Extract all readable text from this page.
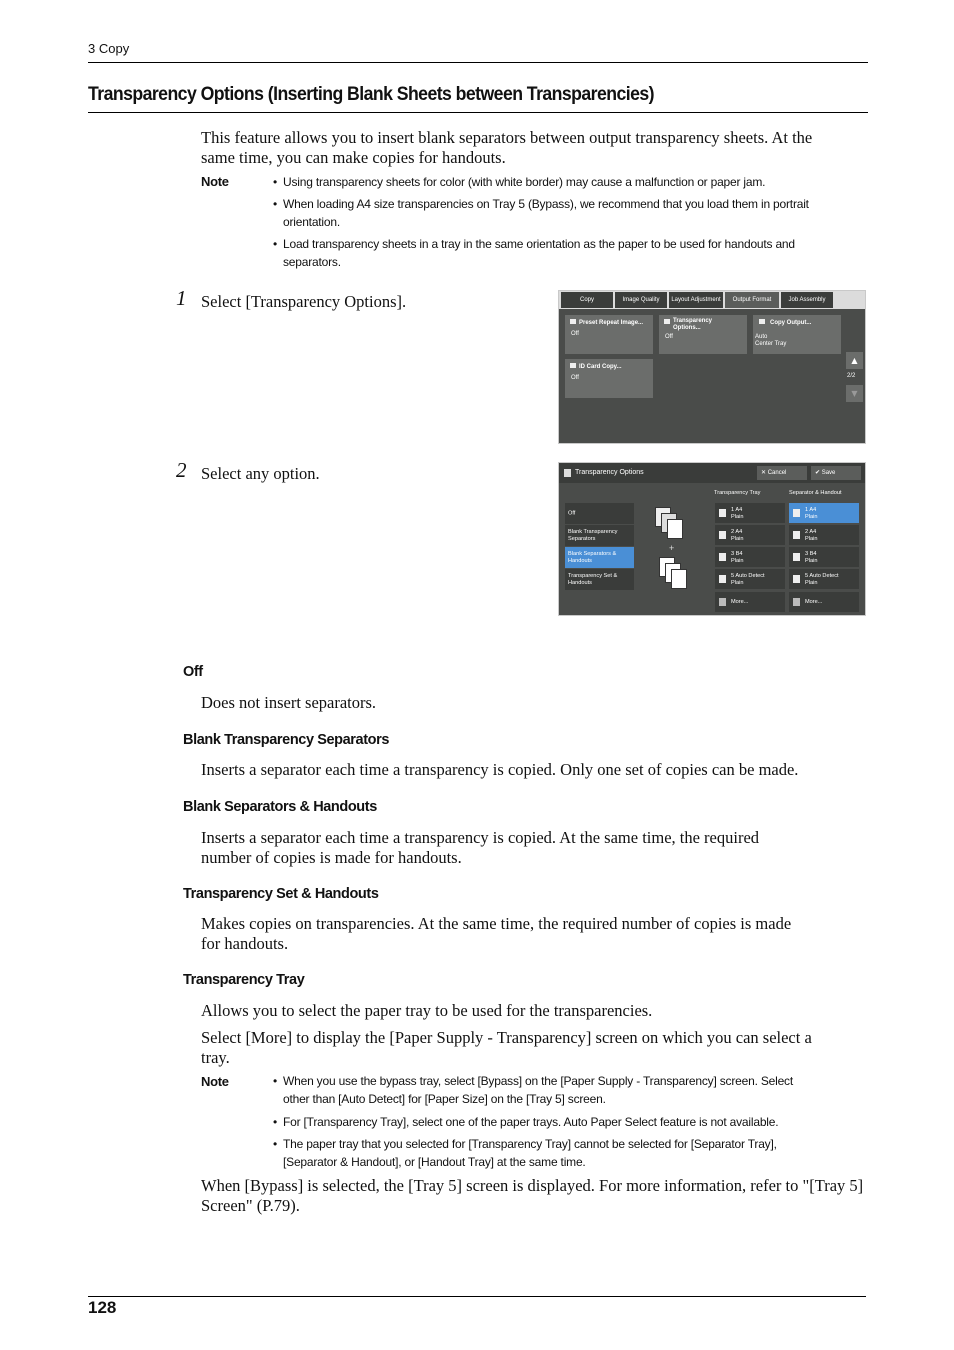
3 Copy
Transparency Options (Inserting Blank Sheets between Transparencies)
This feature allows you to insert blank separators between output transparency sheets. At the
same time, you can make copies for handouts.
Note	• Using transparency sheets for color (with white border) may cause a malfunction or paper jam.
• When loading A4 size transparencies on Tray 5 (Bypass), we recommend that you load them in portrait
orientation.
• Load transparency sheets in a tray in the same orientation as the paper to be used for handouts and
separators.
1 Select [Transparency Options].	Copy	Image Quality Layout Adjustment Output Format	Job Assembly
Preset Repeat Image...
Off
Transparency Options...
Off
Copy Output...
Auto
Center Tray
ID Card Copy...
Off
▲
2/2
▼
2 Select any option.	Transparency Options	✕ Cancel	✔ Save
Off
Blank Transparency Separators
Blank Separators & Handouts
Transparency Set & Handouts
+
Transparency Tray	Separator & Handout
1 A4
Plain
2 A4
Plain
3 B4
Plain
5 Auto Detect
Plain
More...
1 A4
Plain
2 A4
Plain
3 B4
Plain
5 Auto Detect
Plain
More...
Off
Does not insert separators.
Blank Transparency Separators
Inserts a separator each time a transparency is copied. Only one set of copies can be made.
Blank Separators & Handouts
Inserts a separator each time a transparency is copied. At the same time, the required
number of copies is made for handouts.
Transparency Set & Handouts
Makes copies on transparencies. At the same time, the required number of copies is made
for handouts.
Transparency Tray
Allows you to select the paper tray to be used for the transparencies.
Select [More] to display the [Paper Supply - Transparency] screen on which you can select a
tray.
Note	• When you use the bypass tray, select [Bypass] on the [Paper Supply - Transparency] screen. Select
other than [Auto Detect] for [Paper Size] on the [Tray 5] screen.
• For [Transparency Tray], select one of the paper trays. Auto Paper Select feature is not available.
• The paper tray that you selected for [Transparency Tray] cannot be selected for [Separator Tray],
[Separator & Handout], or [Handout Tray] at the same time.
When [Bypass] is selected, the [Tray 5] screen is displayed. For more information, refer to "[Tray 5]
Screen" (P.79).
128
